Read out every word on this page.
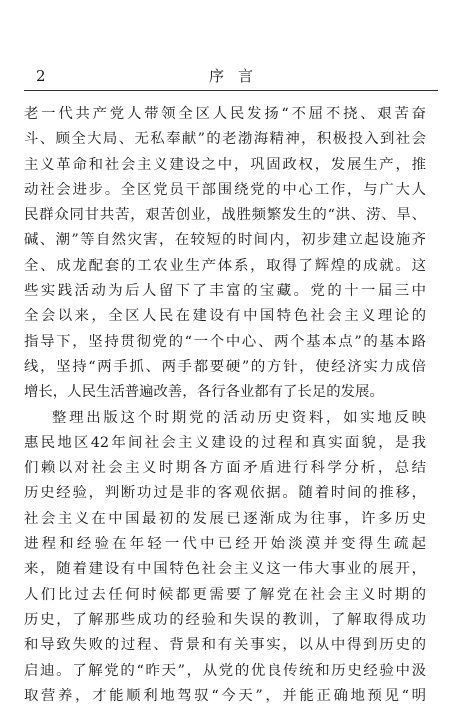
2	序言
老一代共产党人带领全区人民发扬“不屈不挠、艰苦奋
斗、顾全大局、无私奉献”的老渤海精神，积极投入到社会
主义革命和社会主义建设之中，巩固政权，发展生产，推
动社会进步。全区党员干部围绕党的中心工作，与广大人
民群众同甘共苦，艰苦创业，战胜频繁发生的“洪、涝、旱、
碱、潮”等自然灾害，在较短的时间内，初步建立起设施齐
全、成龙配套的工农业生产体系，取得了辉煌的成就。这
些实践活动为后人留下了丰富的宝藏。党的十一届三中
全会以来，全区人民在建设有中国特色社会主义理论的
指导下，坚持贯彻党的“一个中心、两个基本点”的基本路
线，坚持“两手抓、两手都要硬”的方针，使经济实力成倍
增长，人民生活普遍改善，各行各业都有了长足的发展。
整理出版这个时期党的活动历史资料，如实地反映
惠民地区42年间社会主义建设的过程和真实面貌，是我
们赖以对社会主义时期各方面矛盾进行科学分析，总结
历史经验，判断功过是非的客观依据。随着时间的推移，
社会主义在中国最初的发展已逐渐成为往事，许多历史
进程和经验在年轻一代中已经开始淡漠并变得生疏起
来，随着建设有中国特色社会主义这一伟大事业的展开，
人们比过去任何时候都更需要了解党在社会主义时期的
历史，了解那些成功的经验和失误的教训，了解取得成功
和导致失败的过程、背景和有关事实，以从中得到历史的
启迪。了解党的“昨天”，从党的优良传统和历史经验中汲
取营养，才能顺利地驾驭“今天”，并能正确地预见“明
